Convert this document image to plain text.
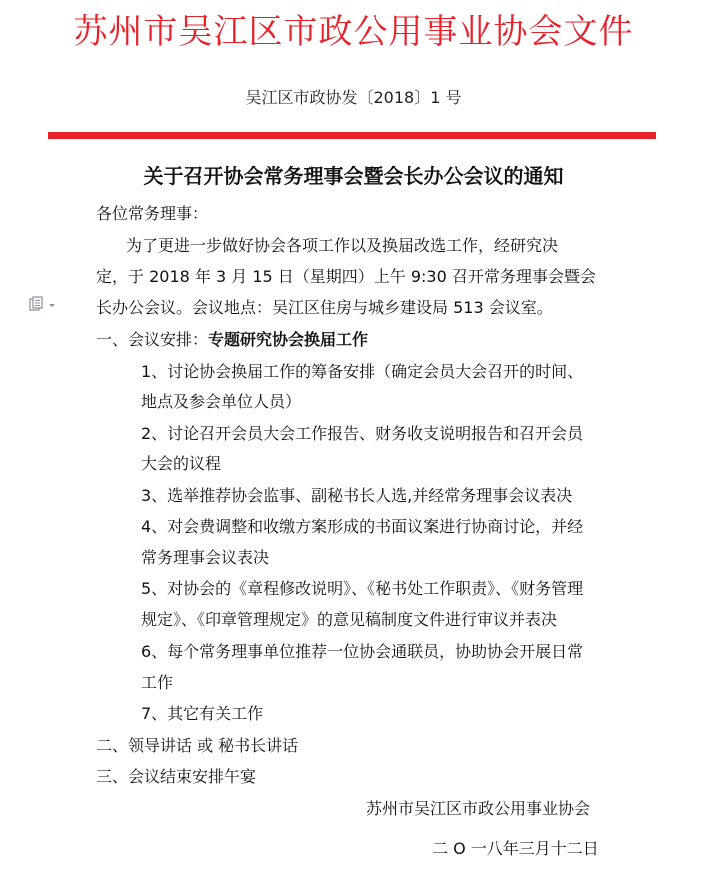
苏州市吴江区市政公用事业协会文件
吴江区市政协发〔2018〕1 号
关于召开协会常务理事会暨会长办公会议的通知
各位常务理事：
为了更进一步做好协会各项工作以及换届改选工作，经研究决
定，于 2018 年 3 月 15 日（星期四）上午 9:30 召开常务理事会暨会
长办公会议。会议地点：吴江区住房与城乡建设局 513 会议室。
一、会议安排：专题研究协会换届工作
1、讨论协会换届工作的筹备安排（确定会员大会召开的时间、
地点及参会单位人员）
2、讨论召开会员大会工作报告、财务收支说明报告和召开会员
大会的议程
3、选举推荐协会监事、副秘书长人选,并经常务理事会议表决
4、对会费调整和收缴方案形成的书面议案进行协商讨论，并经
常务理事会议表决
5、对协会的《章程修改说明》、《秘书处工作职责》、《财务管理
规定》、《印章管理规定》的意见稿制度文件进行审议并表决
6、每个常务理事单位推荐一位协会通联员，协助协会开展日常
工作
7、其它有关工作
二、领导讲话 或 秘书长讲话
三、会议结束安排午宴
苏州市吴江区市政公用事业协会
二 O 一八年三月十二日
